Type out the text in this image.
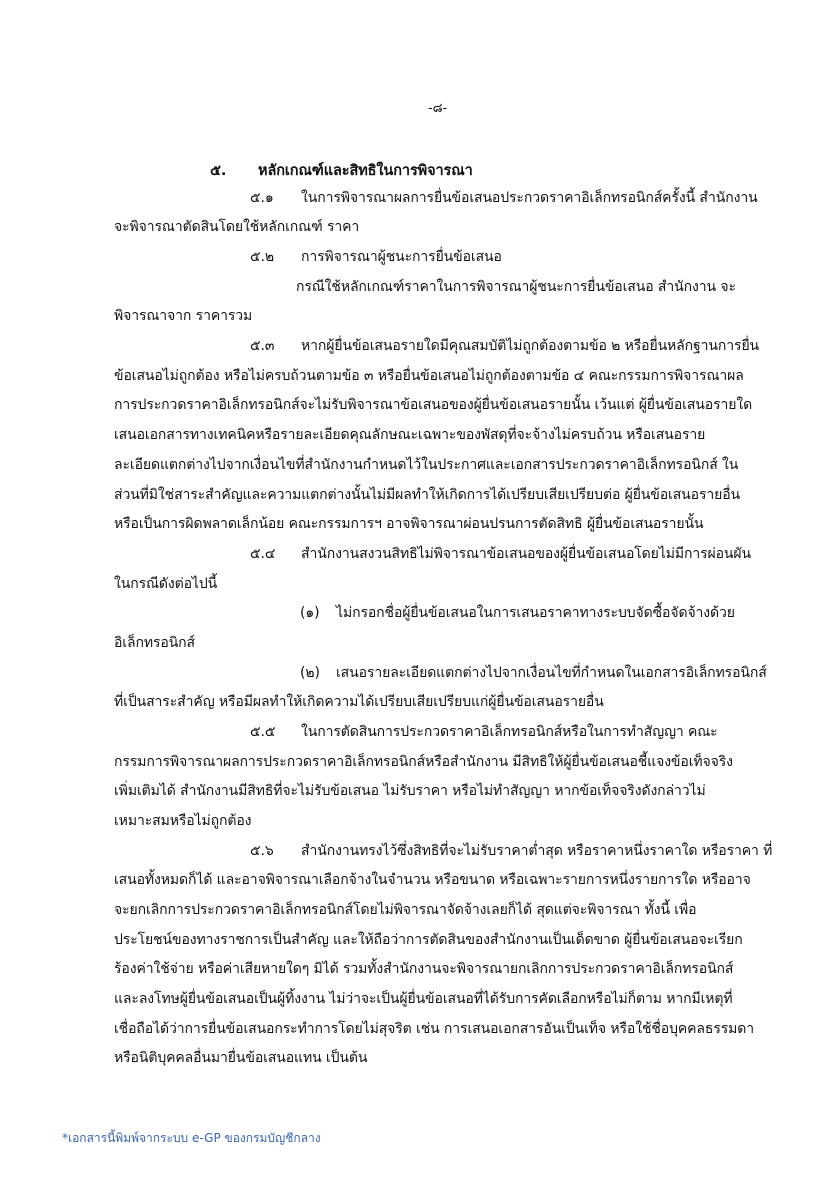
-๘-
๕. หลักเกณฑ์และสิทธิในการพิจารณา
๕.๑ ในการพิจารณาผลการยื่นข้อเสนอประกวดราคาอิเล็กทรอนิกส์ครั้งนี้ สำนักงาน
จะพิจารณาตัดสินโดยใช้หลักเกณฑ์ ราคา
๕.๒ การพิจารณาผู้ชนะการยื่นข้อเสนอ
กรณีใช้หลักเกณฑ์ราคาในการพิจารณาผู้ชนะการยื่นข้อเสนอ สำนักงาน จะ
พิจารณาจาก ราคารวม
๕.๓ หากผู้ยื่นข้อเสนอรายใดมีคุณสมบัติไม่ถูกต้องตามข้อ ๒ หรือยื่นหลักฐานการยื่น
ข้อเสนอไม่ถูกต้อง หรือไม่ครบถ้วนตามข้อ ๓ หรือยื่นข้อเสนอไม่ถูกต้องตามข้อ ๔ คณะกรรมการพิจารณาผล
การประกวดราคาอิเล็กทรอนิกส์จะไม่รับพิจารณาข้อเสนอของผู้ยื่นข้อเสนอรายนั้น เว้นแต่ ผู้ยื่นข้อเสนอรายใด
เสนอเอกสารทางเทคนิคหรือรายละเอียดคุณลักษณะเฉพาะของพัสดุที่จะจ้างไม่ครบถ้วน หรือเสนอราย
ละเอียดแตกต่างไปจากเงื่อนไขที่สำนักงานกำหนดไว้ในประกาศและเอกสารประกวดราคาอิเล็กทรอนิกส์ ใน
ส่วนที่มิใช่สาระสำคัญและความแตกต่างนั้นไม่มีผลทำให้เกิดการได้เปรียบเสียเปรียบต่อ ผู้ยื่นข้อเสนอรายอื่น
หรือเป็นการผิดพลาดเล็กน้อย คณะกรรมการฯ อาจพิจารณาผ่อนปรนการตัดสิทธิ ผู้ยื่นข้อเสนอรายนั้น
๕.๔ สำนักงานสงวนสิทธิไม่พิจารณาข้อเสนอของผู้ยื่นข้อเสนอโดยไม่มีการผ่อนผัน
ในกรณีดังต่อไปนี้
(๑) ไม่กรอกชื่อผู้ยื่นข้อเสนอในการเสนอราคาทางระบบจัดซื้อจัดจ้างด้วย
อิเล็กทรอนิกส์
(๒) เสนอรายละเอียดแตกต่างไปจากเงื่อนไขที่กำหนดในเอกสารอิเล็กทรอนิกส์
ที่เป็นสาระสำคัญ หรือมีผลทำให้เกิดความได้เปรียบเสียเปรียบแก่ผู้ยื่นข้อเสนอรายอื่น
๕.๕ ในการตัดสินการประกวดราคาอิเล็กทรอนิกส์หรือในการทำสัญญา คณะ
กรรมการพิจารณาผลการประกวดราคาอิเล็กทรอนิกส์หรือสำนักงาน มีสิทธิให้ผู้ยื่นข้อเสนอชี้แจงข้อเท็จจริง
เพิ่มเติมได้ สำนักงานมีสิทธิที่จะไม่รับข้อเสนอ ไม่รับราคา หรือไม่ทำสัญญา หากข้อเท็จจริงดังกล่าวไม่
เหมาะสมหรือไม่ถูกต้อง
๕.๖ สำนักงานทรงไว้ซึ่งสิทธิที่จะไม่รับราคาต่ำสุด หรือราคาหนึ่งราคาใด หรือราคา ที่
เสนอทั้งหมดก็ได้ และอาจพิจารณาเลือกจ้างในจำนวน หรือขนาด หรือเฉพาะรายการหนึ่งรายการใด หรืออาจ
จะยกเลิกการประกวดราคาอิเล็กทรอนิกส์โดยไม่พิจารณาจัดจ้างเลยก็ได้ สุดแต่จะพิจารณา ทั้งนี้ เพื่อ
ประโยชน์ของทางราชการเป็นสำคัญ และให้ถือว่าการตัดสินของสำนักงานเป็นเด็ดขาด ผู้ยื่นข้อเสนอจะเรียก
ร้องค่าใช้จ่าย หรือค่าเสียหายใดๆ มิได้ รวมทั้งสำนักงานจะพิจารณายกเลิกการประกวดราคาอิเล็กทรอนิกส์
และลงโทษผู้ยื่นข้อเสนอเป็นผู้ทิ้งงาน ไม่ว่าจะเป็นผู้ยื่นข้อเสนอที่ได้รับการคัดเลือกหรือไม่ก็ตาม หากมีเหตุที่
เชื่อถือได้ว่าการยื่นข้อเสนอกระทำการโดยไม่สุจริต เช่น การเสนอเอกสารอันเป็นเท็จ หรือใช้ชื่อบุคคลธรรมดา
หรือนิติบุคคลอื่นมายื่นข้อเสนอแทน เป็นต้น
*เอกสารนี้พิมพ์จากระบบ e-GP ของกรมบัญชีกลาง
